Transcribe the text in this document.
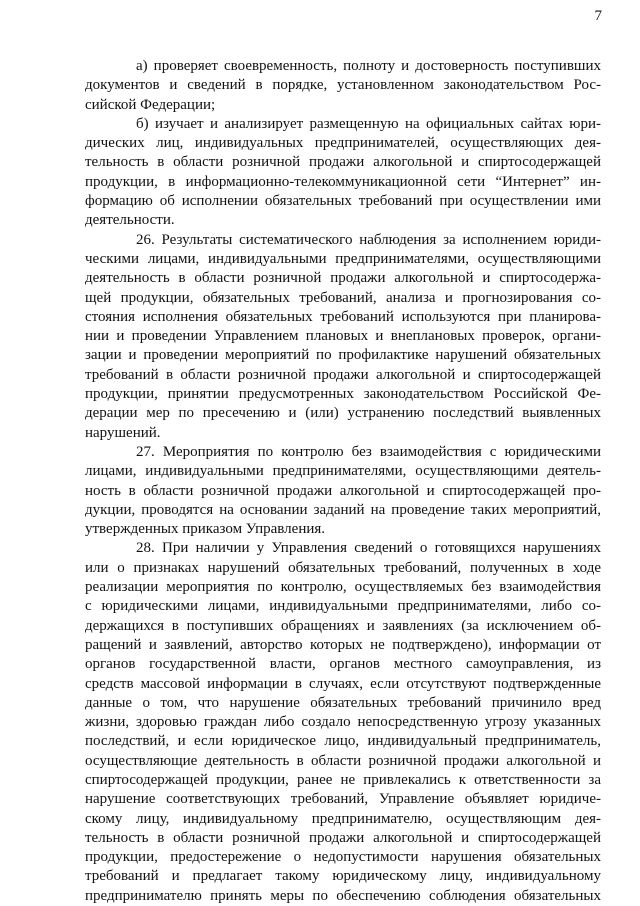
7
а) проверяет своевременность, полноту и достоверность поступивших
документов и сведений в порядке, установленном законодательством Рос-
сийской Федерации;
б) изучает и анализирует размещенную на официальных сайтах юри-
дических лиц, индивидуальных предпринимателей, осуществляющих дея-
тельность в области розничной продажи алкогольной и спиртосодержащей
продукции, в информационно-телекоммуникационной сети “Интернет” ин-
формацию об исполнении обязательных требований при осуществлении ими
деятельности.
26. Результаты систематического наблюдения за исполнением юриди-
ческими лицами, индивидуальными предпринимателями, осуществляющими
деятельность в области розничной продажи алкогольной и спиртосодержа-
щей продукции, обязательных требований, анализа и прогнозирования со-
стояния исполнения обязательных требований используются при планирова-
нии и проведении Управлением плановых и внеплановых проверок, органи-
зации и проведении мероприятий по профилактике нарушений обязательных
требований в области розничной продажи алкогольной и спиртосодержащей
продукции, принятии предусмотренных законодательством Российской Фе-
дерации мер по пресечению и (или) устранению последствий выявленных
нарушений.
27. Мероприятия по контролю без взаимодействия с юридическими
лицами, индивидуальными предпринимателями, осуществляющими деятель-
ность в области розничной продажи алкогольной и спиртосодержащей про-
дукции, проводятся на основании заданий на проведение таких мероприятий,
утвержденных приказом Управления.
28. При наличии у Управления сведений о готовящихся нарушениях
или о признаках нарушений обязательных требований, полученных в ходе
реализации мероприятия по контролю, осуществляемых без взаимодействия
с юридическими лицами, индивидуальными предпринимателями, либо со-
держащихся в поступивших обращениях и заявлениях (за исключением об-
ращений и заявлений, авторство которых не подтверждено), информации от
органов государственной власти, органов местного самоуправления, из
средств массовой информации в случаях, если отсутствуют подтвержденные
данные о том, что нарушение обязательных требований причинило вред
жизни, здоровью граждан либо создало непосредственную угрозу указанных
последствий, и если юридическое лицо, индивидуальный предприниматель,
осуществляющие деятельность в области розничной продажи алкогольной и
спиртосодержащей продукции, ранее не привлекались к ответственности за
нарушение соответствующих требований, Управление объявляет юридиче-
скому лицу, индивидуальному предпринимателю, осуществляющим дея-
тельность в области розничной продажи алкогольной и спиртосодержащей
продукции, предостережение о недопустимости нарушения обязательных
требований и предлагает такому юридическому лицу, индивидуальному
предпринимателю принять меры по обеспечению соблюдения обязательных
